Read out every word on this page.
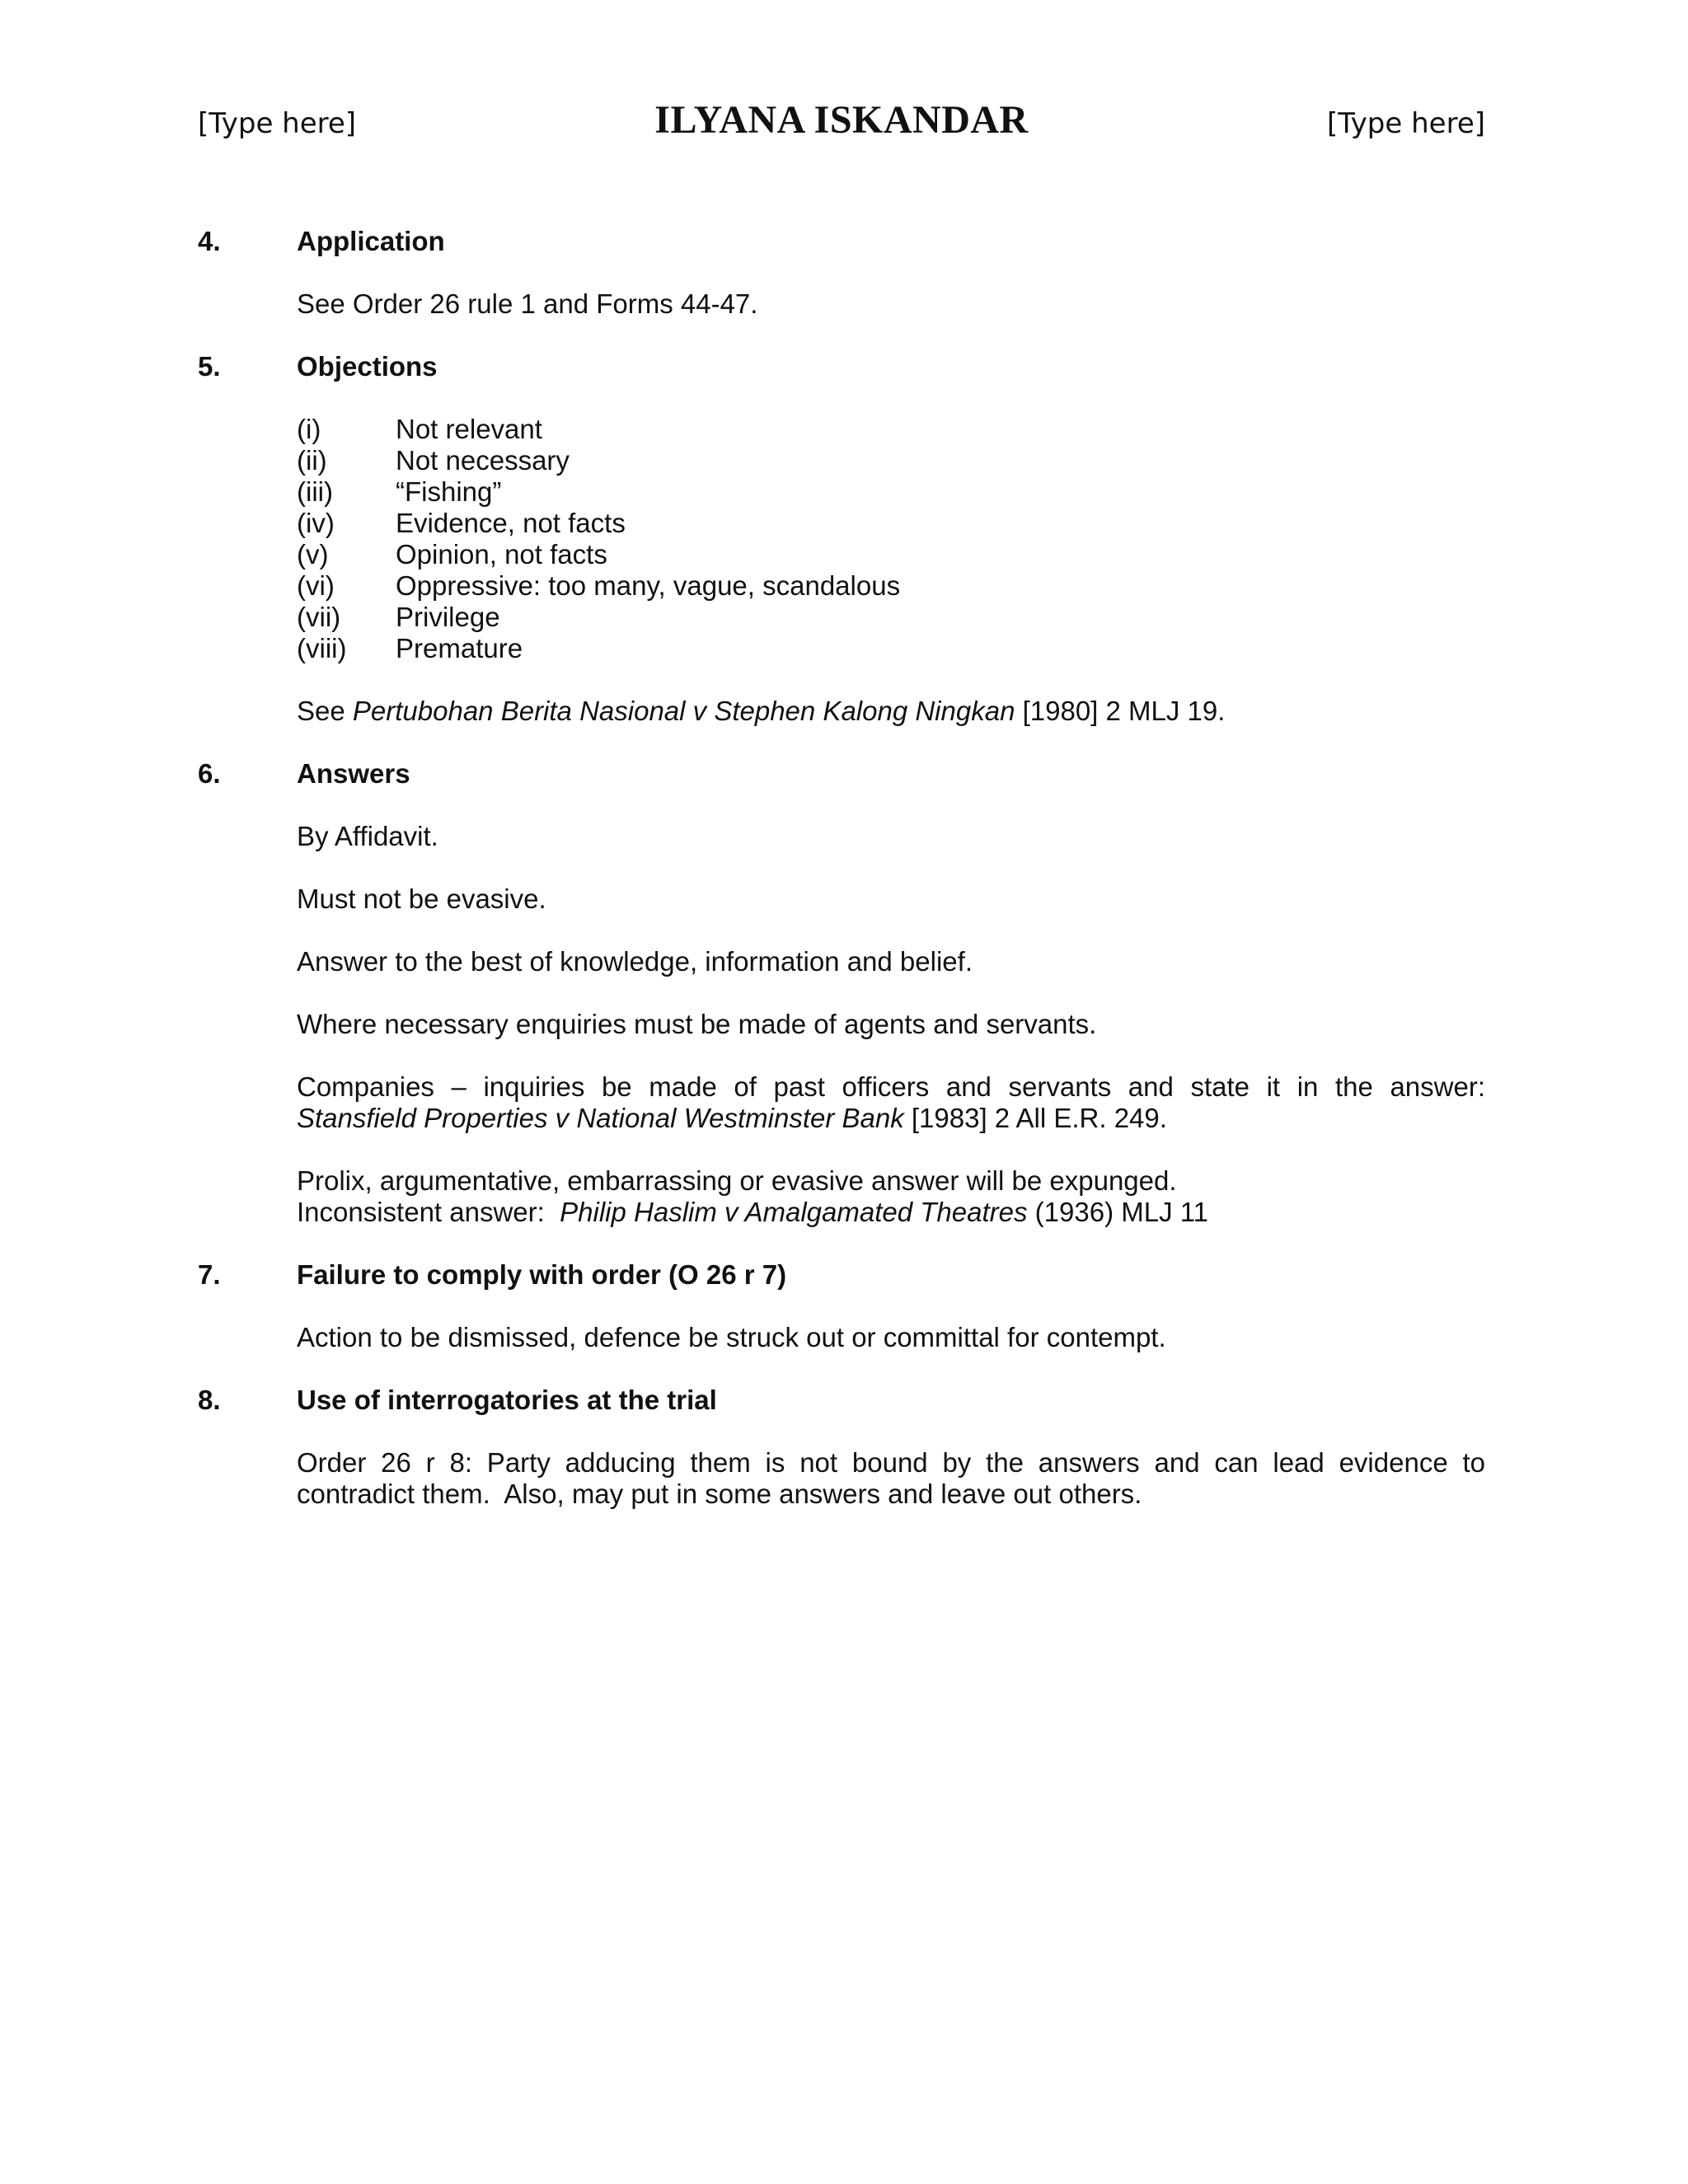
[Type here]	ILYANA ISKANDAR	[Type here]
4.	Application

See Order 26 rule 1 and Forms 44-47.

5.	Objections
(i)	Not relevant
(ii)	Not necessary
(iii) “Fishing”
(iv) Evidence, not facts
(v) Opinion, not facts
(vi) Oppressive: too many, vague, scandalous
(vii) Privilege
(viii) Premature

See Pertubohan Berita Nasional v Stephen Kalong Ningkan [1980] 2 MLJ 19.

6.	Answers

By Affidavit.

Must not be evasive.

Answer to the best of knowledge, information and belief.

Where necessary enquiries must be made of agents and servants.

Companies – inquiries be made of past officers and servants and state it in the answer:
Stansfield Properties v National Westminster Bank [1983] 2 All E.R. 249.

Prolix, argumentative, embarrassing or evasive answer will be expunged.
Inconsistent answer:  Philip Haslim v Amalgamated Theatres (1936) MLJ 11

7.	Failure to comply with order (O 26 r 7)

Action to be dismissed, defence be struck out or committal for contempt.

8.	Use of interrogatories at the trial

Order 26 r 8: Party adducing them is not bound by the answers and can lead evidence to
contradict them.  Also, may put in some answers and leave out others.
